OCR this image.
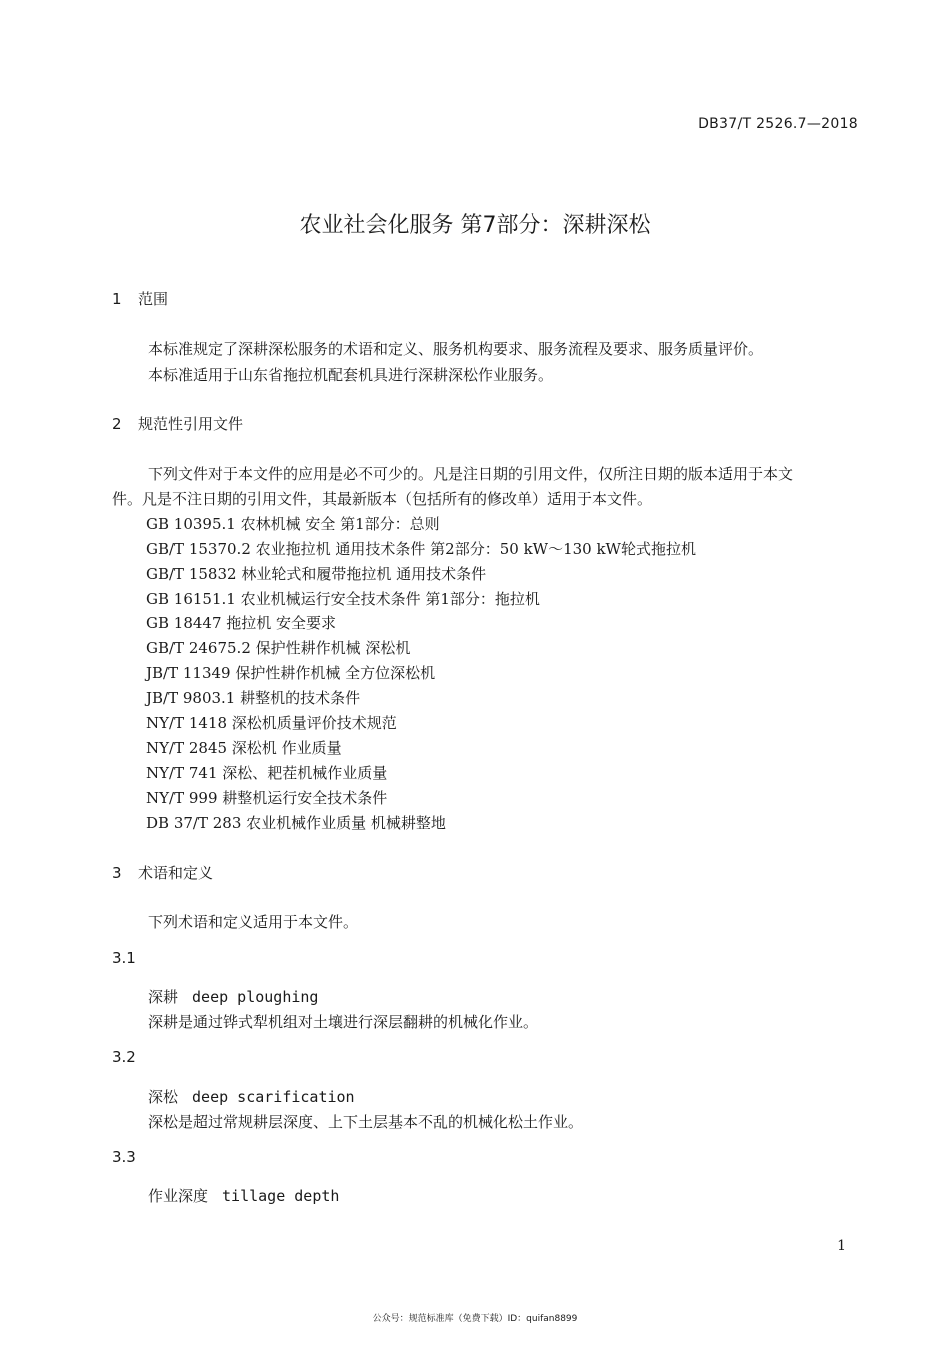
DB37/T 2526.7—2018
农业社会化服务 第7部分：深耕深松
1 范围
本标准规定了深耕深松服务的术语和定义、服务机构要求、服务流程及要求、服务质量评价。
本标准适用于山东省拖拉机配套机具进行深耕深松作业服务。
2 规范性引用文件
下列文件对于本文件的应用是必不可少的。凡是注日期的引用文件，仅所注日期的版本适用于本文
件。凡是不注日期的引用文件，其最新版本（包括所有的修改单）适用于本文件。
GB 10395.1 农林机械 安全 第1部分：总则
GB/T 15370.2 农业拖拉机 通用技术条件 第2部分：50 kW～130 kW轮式拖拉机
GB/T 15832 林业轮式和履带拖拉机 通用技术条件
GB 16151.1 农业机械运行安全技术条件 第1部分：拖拉机
GB 18447 拖拉机 安全要求
GB/T 24675.2 保护性耕作机械 深松机
JB/T 11349 保护性耕作机械 全方位深松机
JB/T 9803.1 耕整机的技术条件
NY/T 1418 深松机质量评价技术规范
NY/T 2845 深松机 作业质量
NY/T 741 深松、耙茬机械作业质量
NY/T 999 耕整机运行安全技术条件
DB 37/T 283 农业机械作业质量 机械耕整地
3 术语和定义
下列术语和定义适用于本文件。
3.1
深耕 deep ploughing
深耕是通过铧式犁机组对土壤进行深层翻耕的机械化作业。
3.2
深松 deep scarification
深松是超过常规耕层深度、上下土层基本不乱的机械化松土作业。
3.3
作业深度 tillage depth
1
公众号：规范标准库（免费下载）ID：quifan8899
